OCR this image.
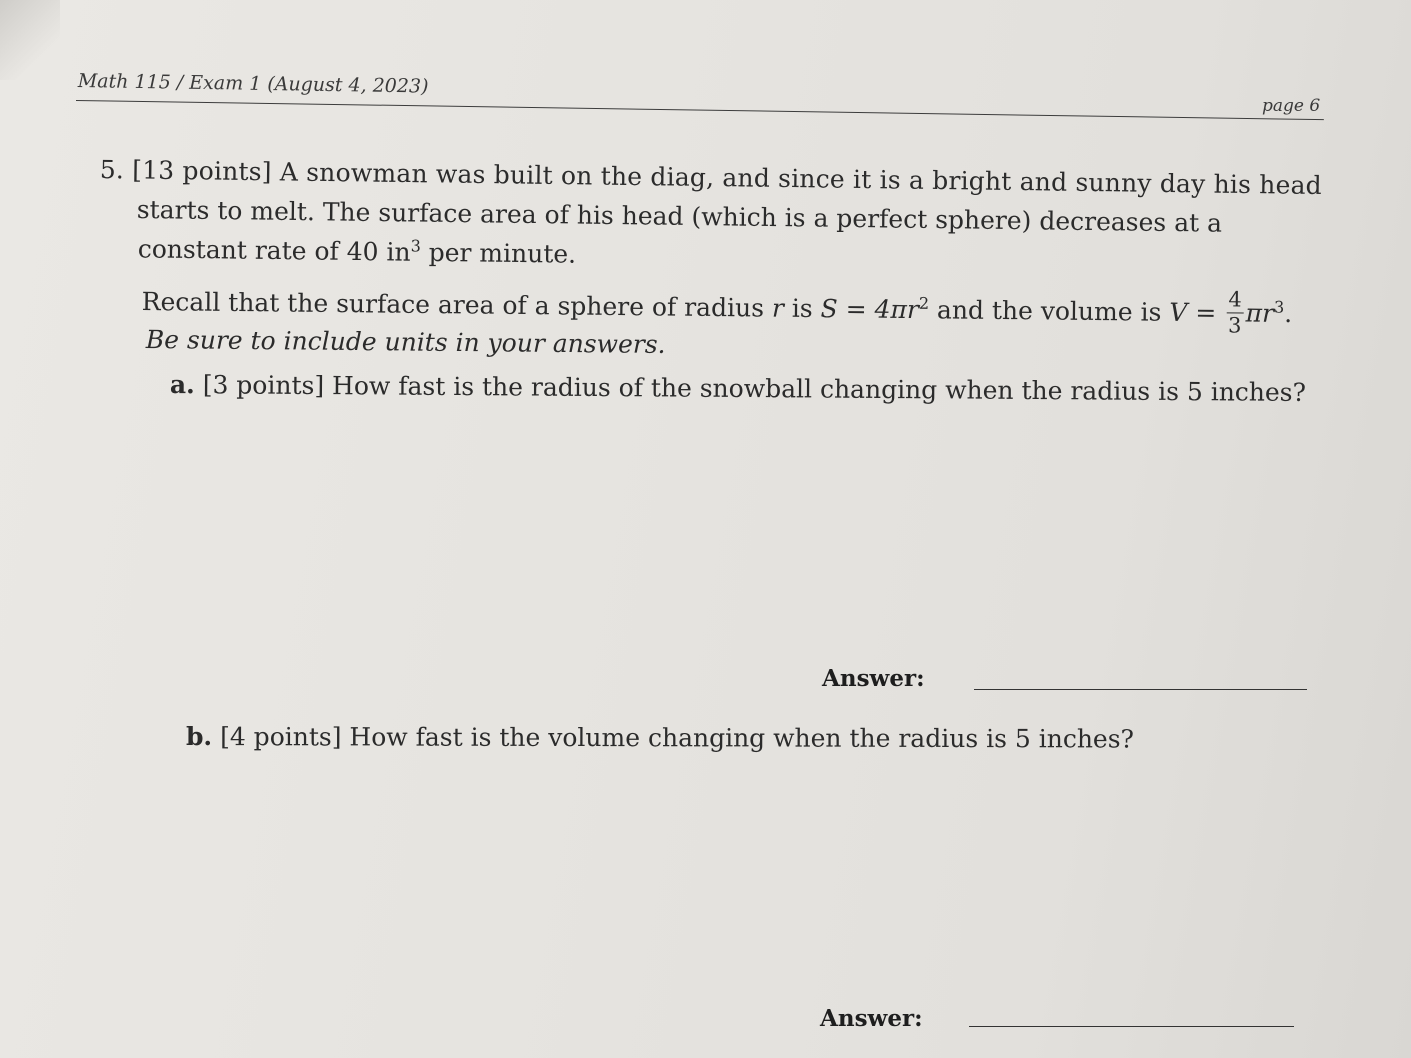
Math 115 / Exam 1 (August 4, 2023)
page 6
5. [13 points] A snowman was built on the diag, and since it is a bright and sunny day his head
starts to melt. The surface area of his head (which is a perfect sphere) decreases at a
constant rate of 40 $in^3$ per minute.
Recall that the surface area of a sphere of radius r is $S = 4\pi r^2$ and the volume is $V = \frac{4}{3} \pi r^3$.
Be sure to include units in your answers.
a. [3 points] How fast is the radius of the snowball changing when the radius is 5 inches?
Answer:
b. [4 points] How fast is the volume changing when the radius is 5 inches?
Answer:
